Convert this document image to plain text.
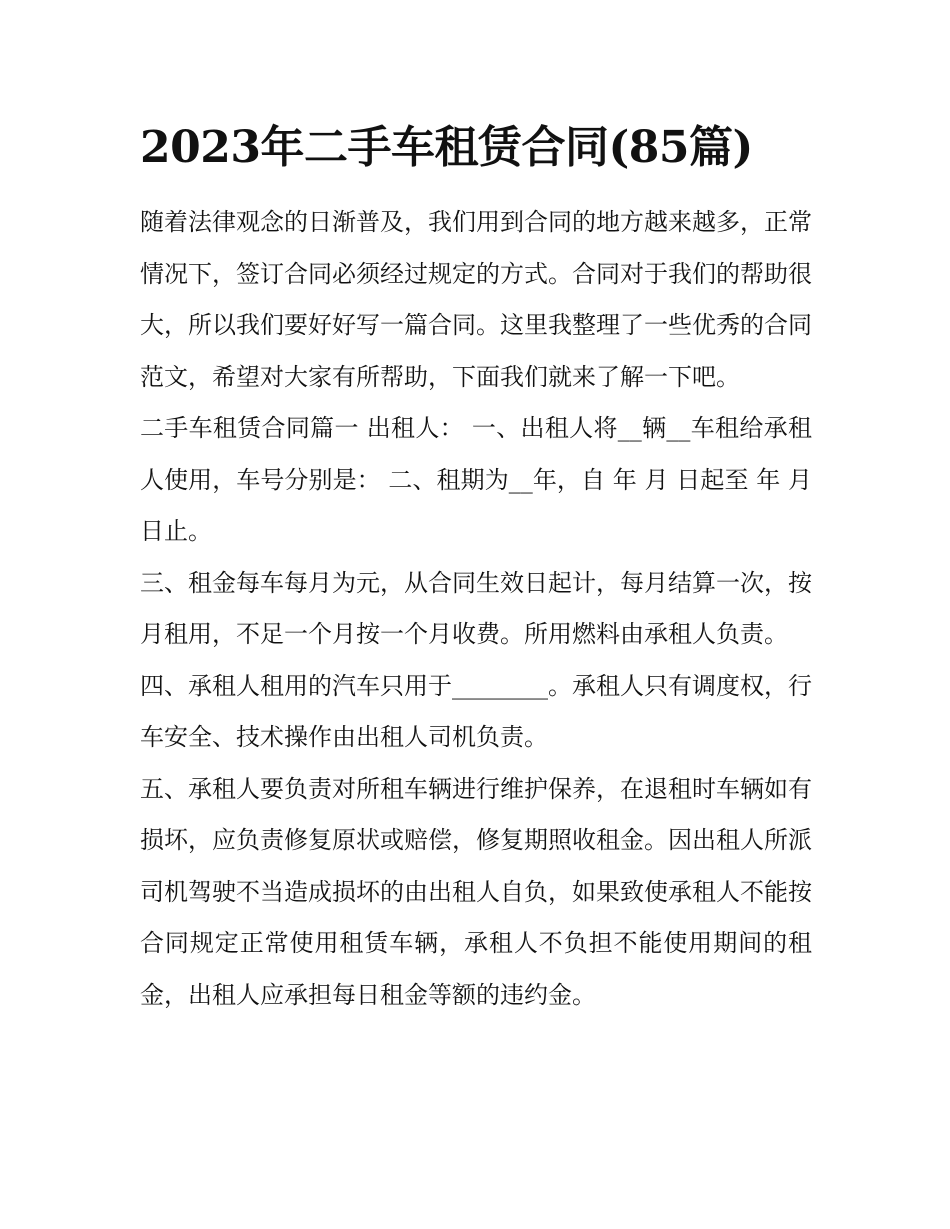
2023年二手车租赁合同(85篇)

随着法律观念的日渐普及，我们用到合同的地方越来越多，正常情况下，签订合同必须经过规定的方式。合同对于我们的帮助很大，所以我们要好好写一篇合同。这里我整理了一些优秀的合同范文，希望对大家有所帮助，下面我们就来了解一下吧。

二手车租赁合同篇一 出租人： 一、出租人将__辆__车租给承租人使用，车号分别是： 二、租期为__年，自 年 月 日起至 年 月 日止。

三、租金每车每月为元，从合同生效日起计，每月结算一次，按月租用，不足一个月按一个月收费。所用燃料由承租人负责。

四、承租人租用的汽车只用于________。承租人只有调度权，行车安全、技术操作由出租人司机负责。

五、承租人要负责对所租车辆进行维护保养，在退租时车辆如有损坏，应负责修复原状或赔偿，修复期照收租金。因出租人所派司机驾驶不当造成损坏的由出租人自负，如果致使承租人不能按合同规定正常使用租赁车辆，承租人不负担不能使用期间的租金，出租人应承担每日租金等额的违约金。
